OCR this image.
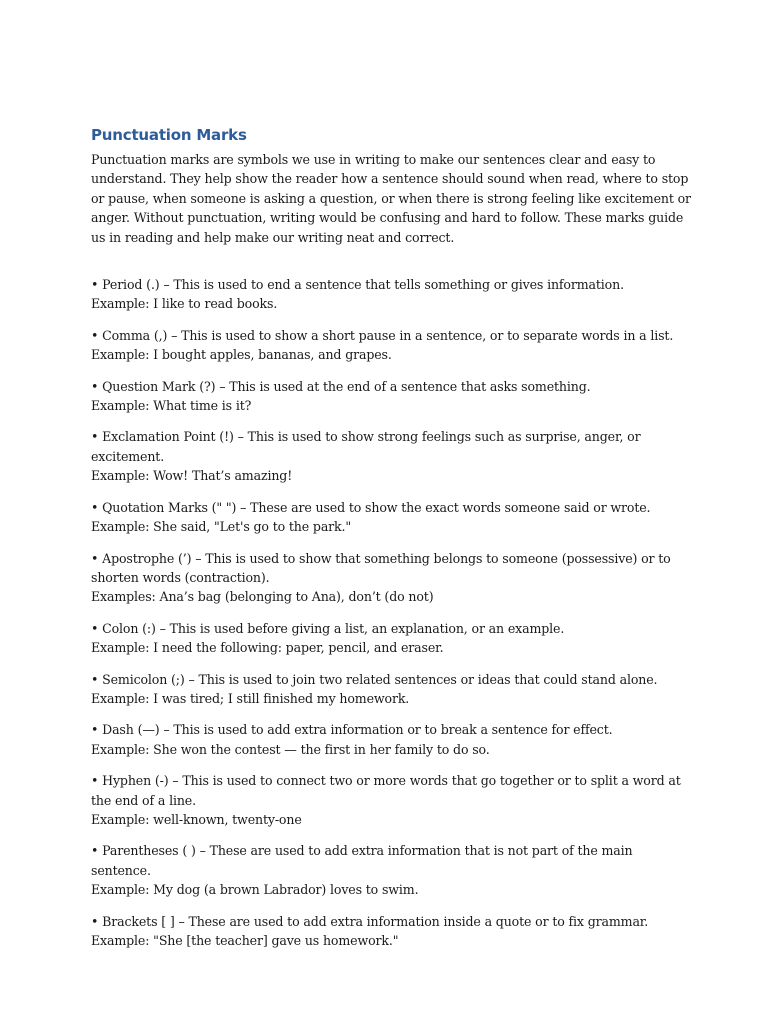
Punctuation Marks

Punctuation marks are symbols we use in writing to make our sentences clear and easy to understand. They help show the reader how a sentence should sound when read, where to stop or pause, when someone is asking a question, or when there is strong feeling like excitement or anger. Without punctuation, writing would be confusing and hard to follow. These marks guide us in reading and help make our writing neat and correct.

• Period (.) – This is used to end a sentence that tells something or gives information.
Example: I like to read books.
• Comma (,) – This is used to show a short pause in a sentence, or to separate words in a list.
Example: I bought apples, bananas, and grapes.
• Question Mark (?) – This is used at the end of a sentence that asks something.
Example: What time is it?
• Exclamation Point (!) – This is used to show strong feelings such as surprise, anger, or excitement.
Example: Wow! That’s amazing!
• Quotation Marks (" ") – These are used to show the exact words someone said or wrote.
Example: She said, "Let's go to the park."
• Apostrophe (’) – This is used to show that something belongs to someone (possessive) or to shorten words (contraction).
Examples: Ana’s bag (belonging to Ana), don’t (do not)
• Colon (:) – This is used before giving a list, an explanation, or an example.
Example: I need the following: paper, pencil, and eraser.
• Semicolon (;) – This is used to join two related sentences or ideas that could stand alone.
Example: I was tired; I still finished my homework.
• Dash (—) – This is used to add extra information or to break a sentence for effect.
Example: She won the contest — the first in her family to do so.
• Hyphen (-) – This is used to connect two or more words that go together or to split a word at the end of a line.
Example: well-known, twenty-one
• Parentheses ( ) – These are used to add extra information that is not part of the main sentence.
Example: My dog (a brown Labrador) loves to swim.
• Brackets [ ] – These are used to add extra information inside a quote or to fix grammar.
Example: "She [the teacher] gave us homework."
